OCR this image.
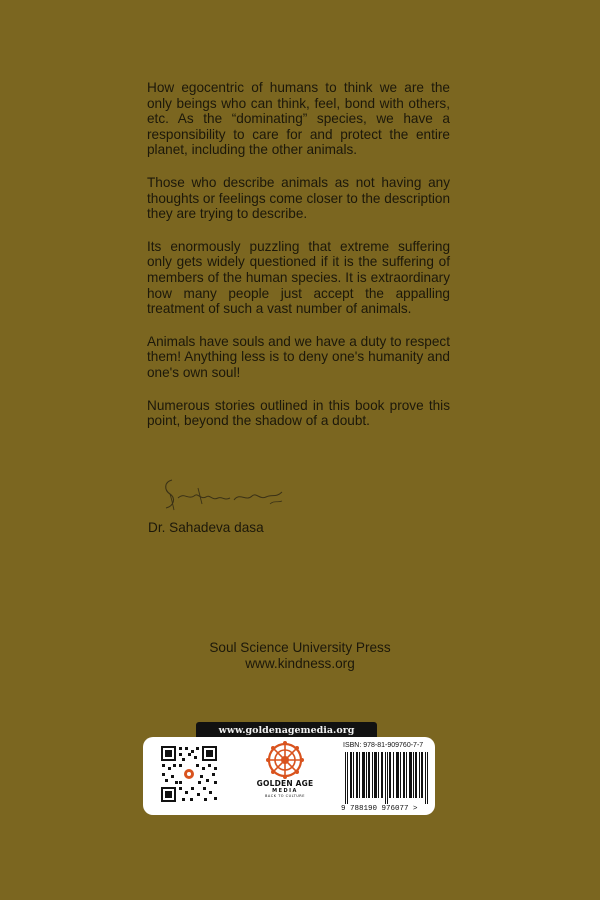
How egocentric of humans to think we are the only beings who can think, feel, bond with others, etc. As the “dominating” species, we have a responsibility to care for and protect the entire planet, including the other animals.

Those who describe animals as not having any thoughts or feelings come closer to the description they are trying to describe.

Its enormously puzzling that extreme suffering only gets widely questioned if it is the suffering of members of the human species. It is extraordinary how many people just accept the appalling treatment of such a vast number of animals.

Animals have souls and we have a duty to respect them! Anything less is to deny one's humanity and one's own soul!

Numerous stories outlined in this book prove this point, beyond the shadow of a doubt.

Dr. Sahadeva dasa
Soul Science University Press
www.kindness.org
www.goldenagemedia.org
GOLDEN AGE
MEDIA
BACK TO CULTURE
ISBN: 978-81-909760-7-7
9 788190 976077 >
